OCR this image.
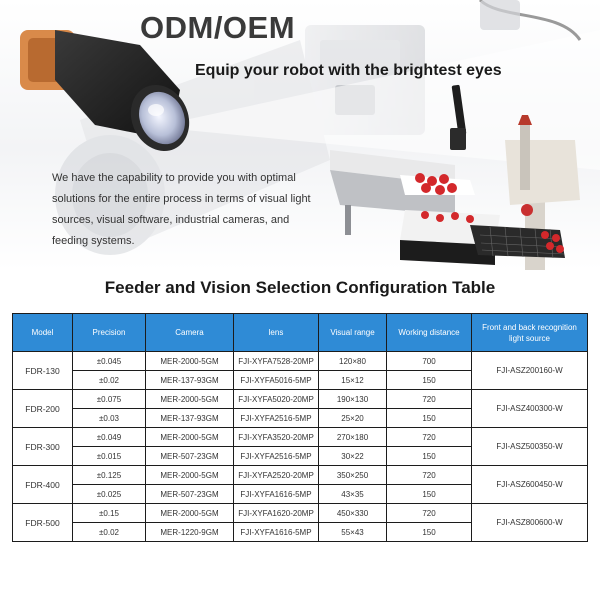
ODM/OEM
Equip your robot with the brightest eyes
We have the capability to provide you with optimal solutions for the entire process in terms of visual light sources, visual software, industrial cameras, and feeding systems.
Feeder and Vision Selection Configuration Table
Model	Precision	Camera	lens	Visual range	Working distance	Front and back recognition light source
FDR-130	±0.045	MER-2000-5GM	FJI-XYFA7528-20MP	120×80	700	FJI-ASZ200160-W
	±0.02	MER-137-93GM	FJI-XYFA5016-5MP	15×12	150	
FDR-200	±0.075	MER-2000-5GM	FJI-XYFA5020-20MP	190×130	720	FJI-ASZ400300-W
	±0.03	MER-137-93GM	FJI-XYFA2516-5MP	25×20	150	
FDR-300	±0.049	MER-2000-5GM	FJI-XYFA3520-20MP	270×180	720	FJI-ASZ500350-W
	±0.015	MER-507-23GM	FJI-XYFA2516-5MP	30×22	150	
FDR-400	±0.125	MER-2000-5GM	FJI-XYFA2520-20MP	350×250	720	FJI-ASZ600450-W
	±0.025	MER-507-23GM	FJI-XYFA1616-5MP	43×35	150	
FDR-500	±0.15	MER-2000-5GM	FJI-XYFA1620-20MP	450×330	720	FJI-ASZ800600-W
	±0.02	MER-1220-9GM	FJI-XYFA1616-5MP	55×43	150	
